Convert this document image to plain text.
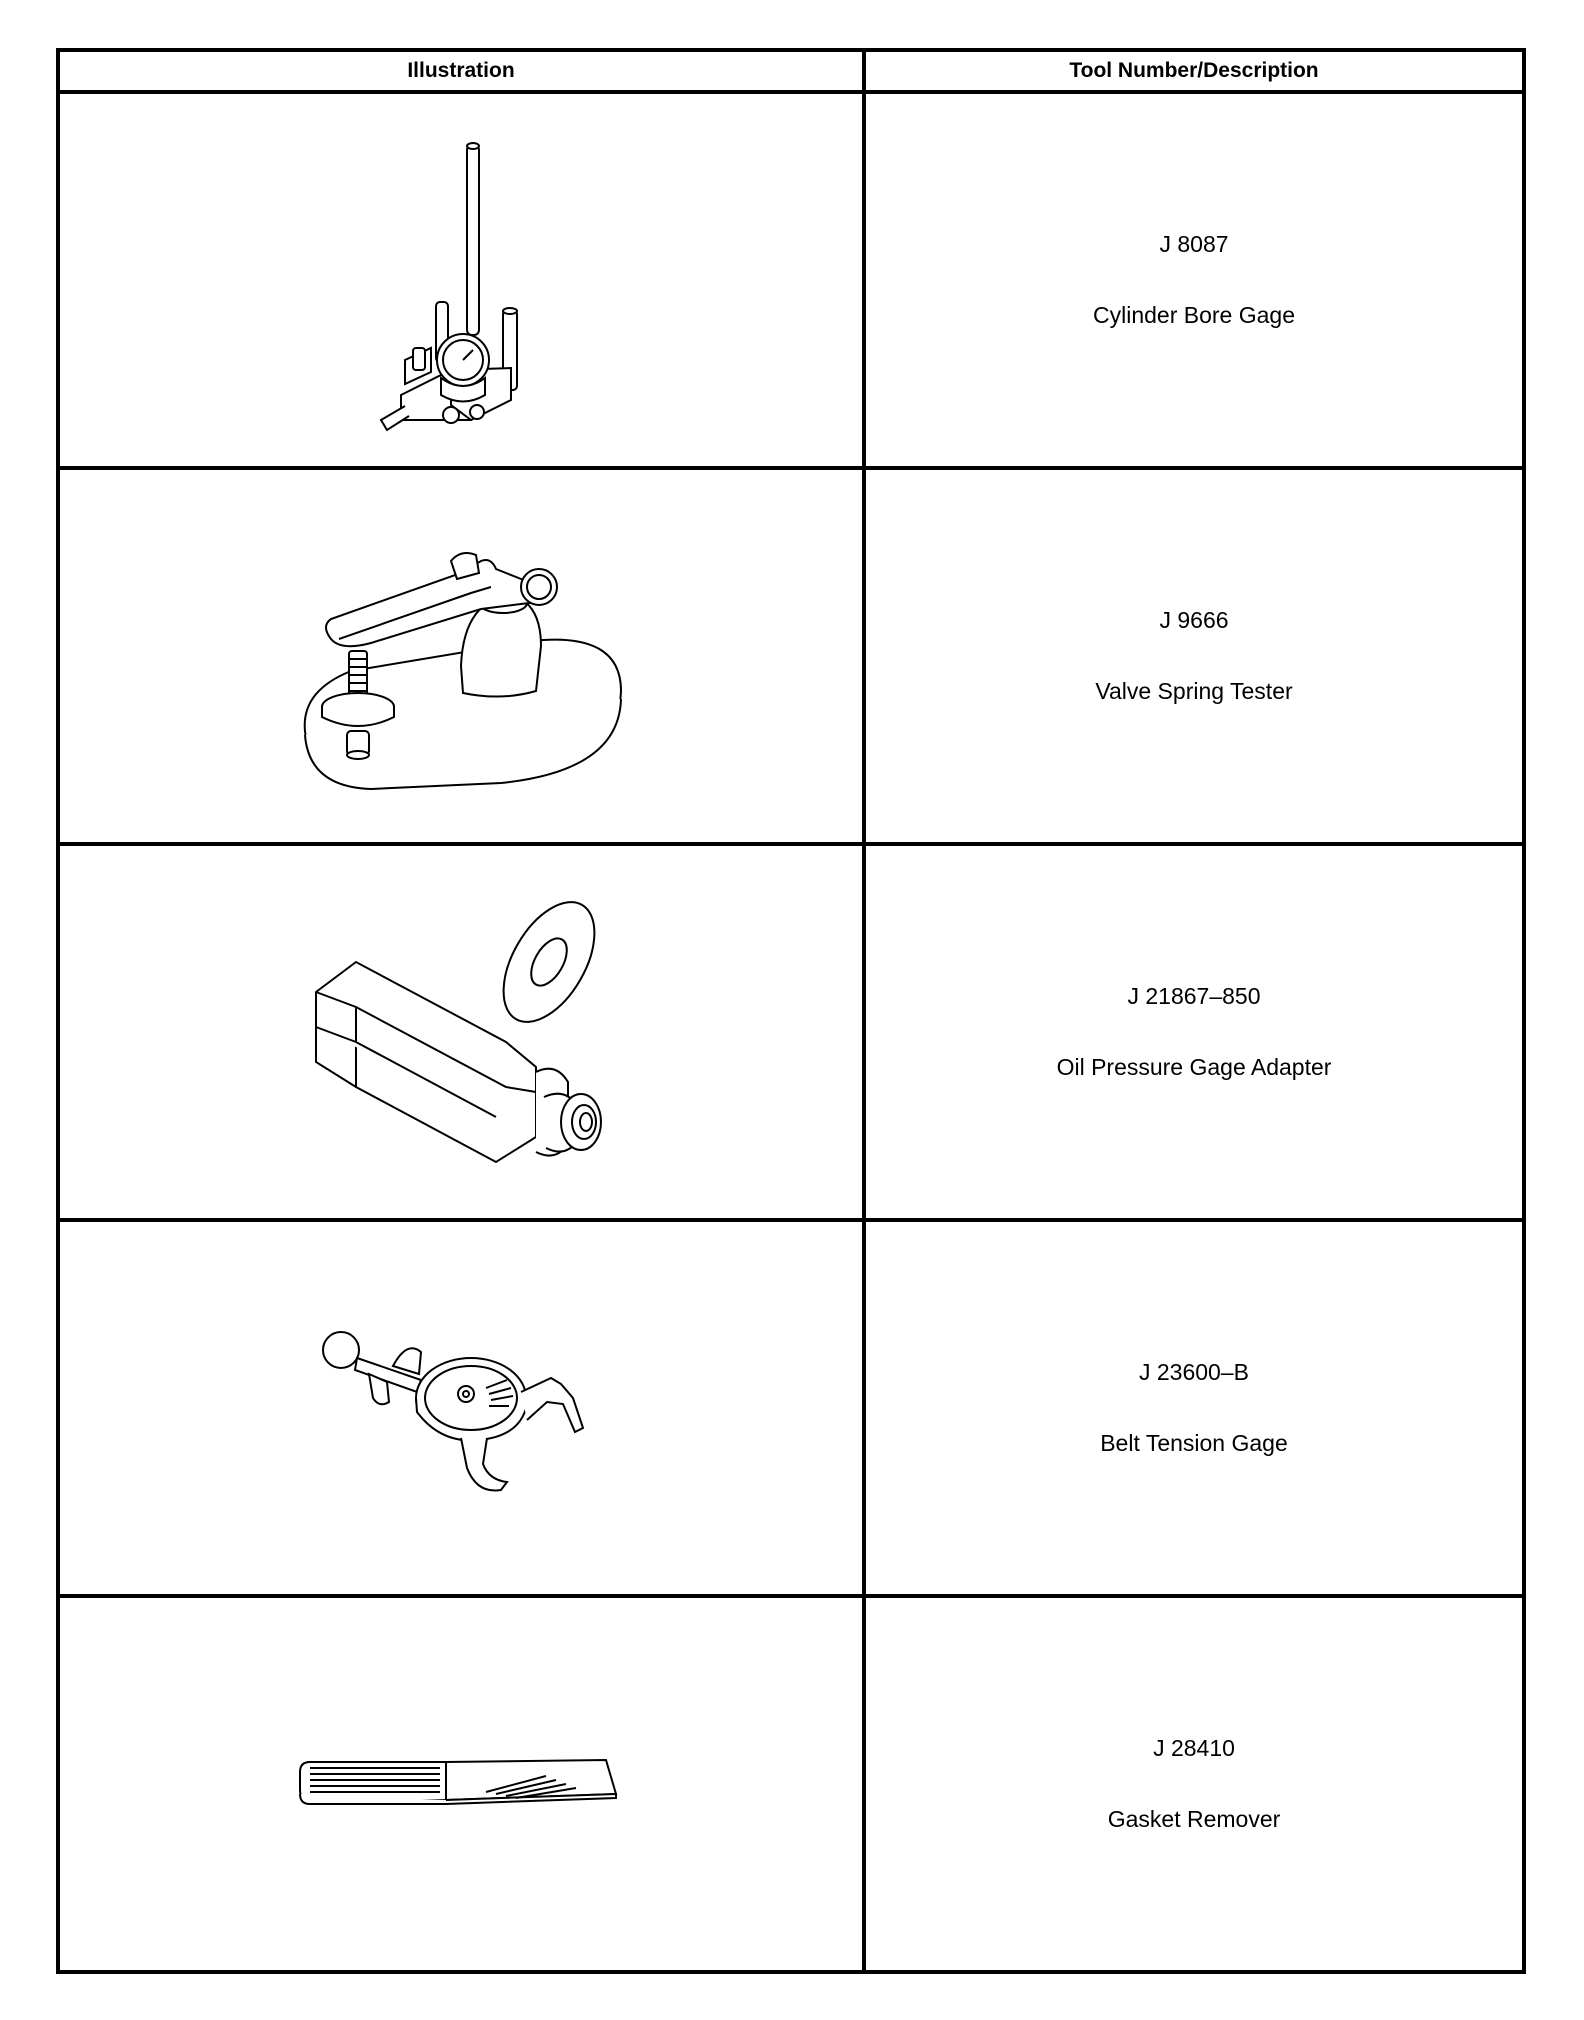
Illustration	Tool Number/Description

J 8087
Cylinder Bore Gage

J 9666
Valve Spring Tester

J 21867–850
Oil Pressure Gage Adapter

J 23600–B
Belt Tension Gage

J 28410
Gasket Remover
